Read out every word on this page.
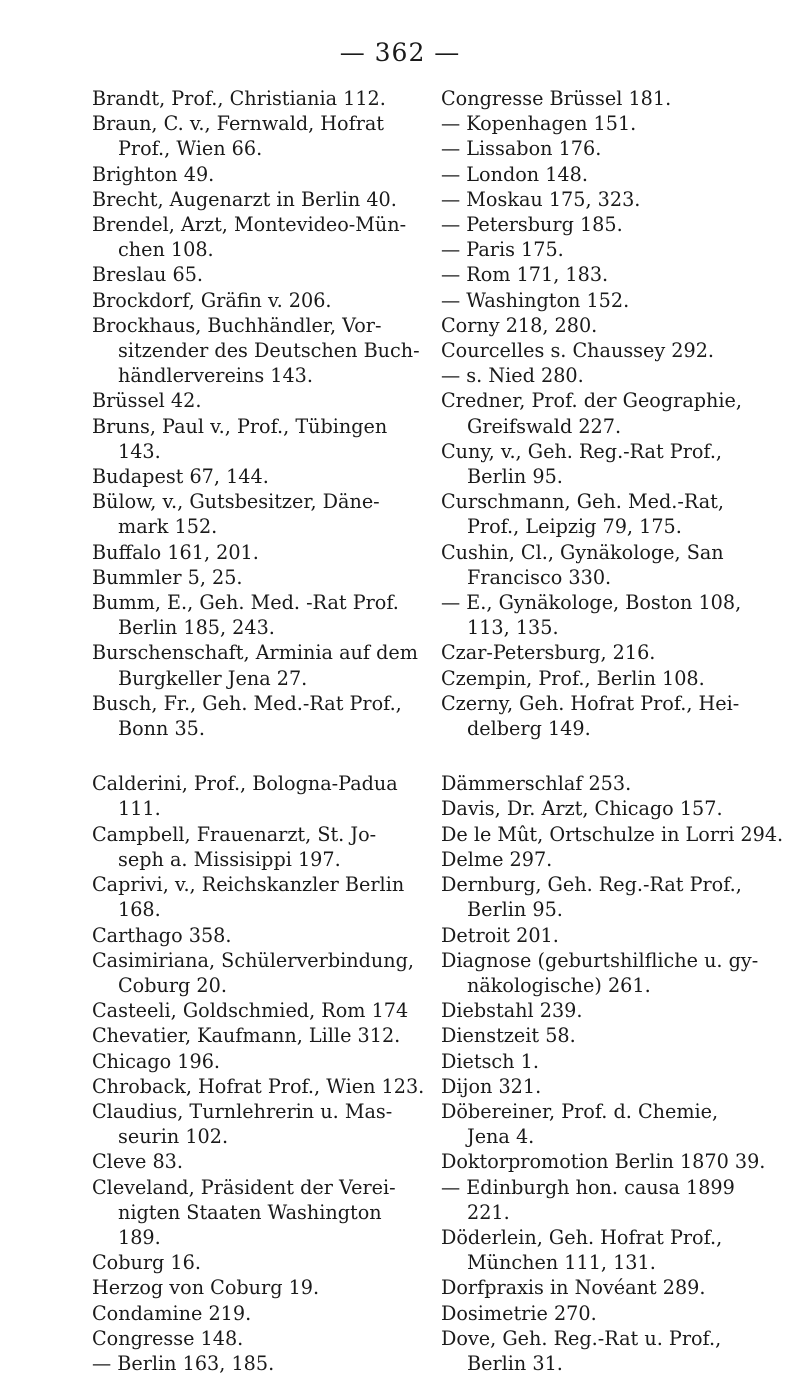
— 362 —
Brandt, Prof., Christiania 112.
Braun, C. v., Fernwald, Hofrat
Prof., Wien 66.
Brighton 49.
Brecht, Augenarzt in Berlin 40.
Brendel, Arzt, Montevideo-Mün-
chen 108.
Breslau 65.
Brockdorf, Gräfin v. 206.
Brockhaus, Buchhändler, Vor-
sitzender des Deutschen Buch-
händlervereins 143.
Brüssel 42.
Bruns, Paul v., Prof., Tübingen
143.
Budapest 67, 144.
Bülow, v., Gutsbesitzer, Däne-
mark 152.
Buffalo 161, 201.
Bummler 5, 25.
Bumm, E., Geh. Med. -Rat Prof.
Berlin 185, 243.
Burschenschaft, Arminia auf dem
Burgkeller Jena 27.
Busch, Fr., Geh. Med.-Rat Prof.,
Bonn 35.
Calderini, Prof., Bologna-Padua
111.
Campbell, Frauenarzt, St. Jo-
seph a. Missisippi 197.
Caprivi, v., Reichskanzler Berlin
168.
Carthago 358.
Casimiriana, Schülerverbindung,
Coburg 20.
Casteeli, Goldschmied, Rom 174
Chevatier, Kaufmann, Lille 312.
Chicago 196.
Chroback, Hofrat Prof., Wien 123.
Claudius, Turnlehrerin u. Mas-
seurin 102.
Cleve 83.
Cleveland, Präsident der Verei-
nigten Staaten Washington
189.
Coburg 16.
Herzog von Coburg 19.
Condamine 219.
Congresse 148.
— Berlin 163, 185.
Congresse Brüssel 181.
— Kopenhagen 151.
— Lissabon 176.
— London 148.
— Moskau 175, 323.
— Petersburg 185.
— Paris 175.
— Rom 171, 183.
— Washington 152.
Corny 218, 280.
Courcelles s. Chaussey 292.
— s. Nied 280.
Credner, Prof. der Geographie,
Greifswald 227.
Cuny, v., Geh. Reg.-Rat Prof.,
Berlin 95.
Curschmann, Geh. Med.-Rat,
Prof., Leipzig 79, 175.
Cushin, Cl., Gynäkologe, San
Francisco 330.
— E., Gynäkologe, Boston 108,
113, 135.
Czar-Petersburg, 216.
Czempin, Prof., Berlin 108.
Czerny, Geh. Hofrat Prof., Hei-
delberg 149.
Dämmerschlaf 253.
Davis, Dr. Arzt, Chicago 157.
De le Mût, Ortschulze in Lorri 294.
Delme 297.
Dernburg, Geh. Reg.-Rat Prof.,
Berlin 95.
Detroit 201.
Diagnose (geburtshilfliche u. gy-
näkologische) 261.
Diebstahl 239.
Dienstzeit 58.
Dietsch 1.
Dijon 321.
Döbereiner, Prof. d. Chemie,
Jena 4.
Doktorpromotion Berlin 1870 39.
— Edinburgh hon. causa 1899
221.
Döderlein, Geh. Hofrat Prof.,
München 111, 131.
Dorfpraxis in Novéant 289.
Dosimetrie 270.
Dove, Geh. Reg.-Rat u. Prof.,
Berlin 31.
